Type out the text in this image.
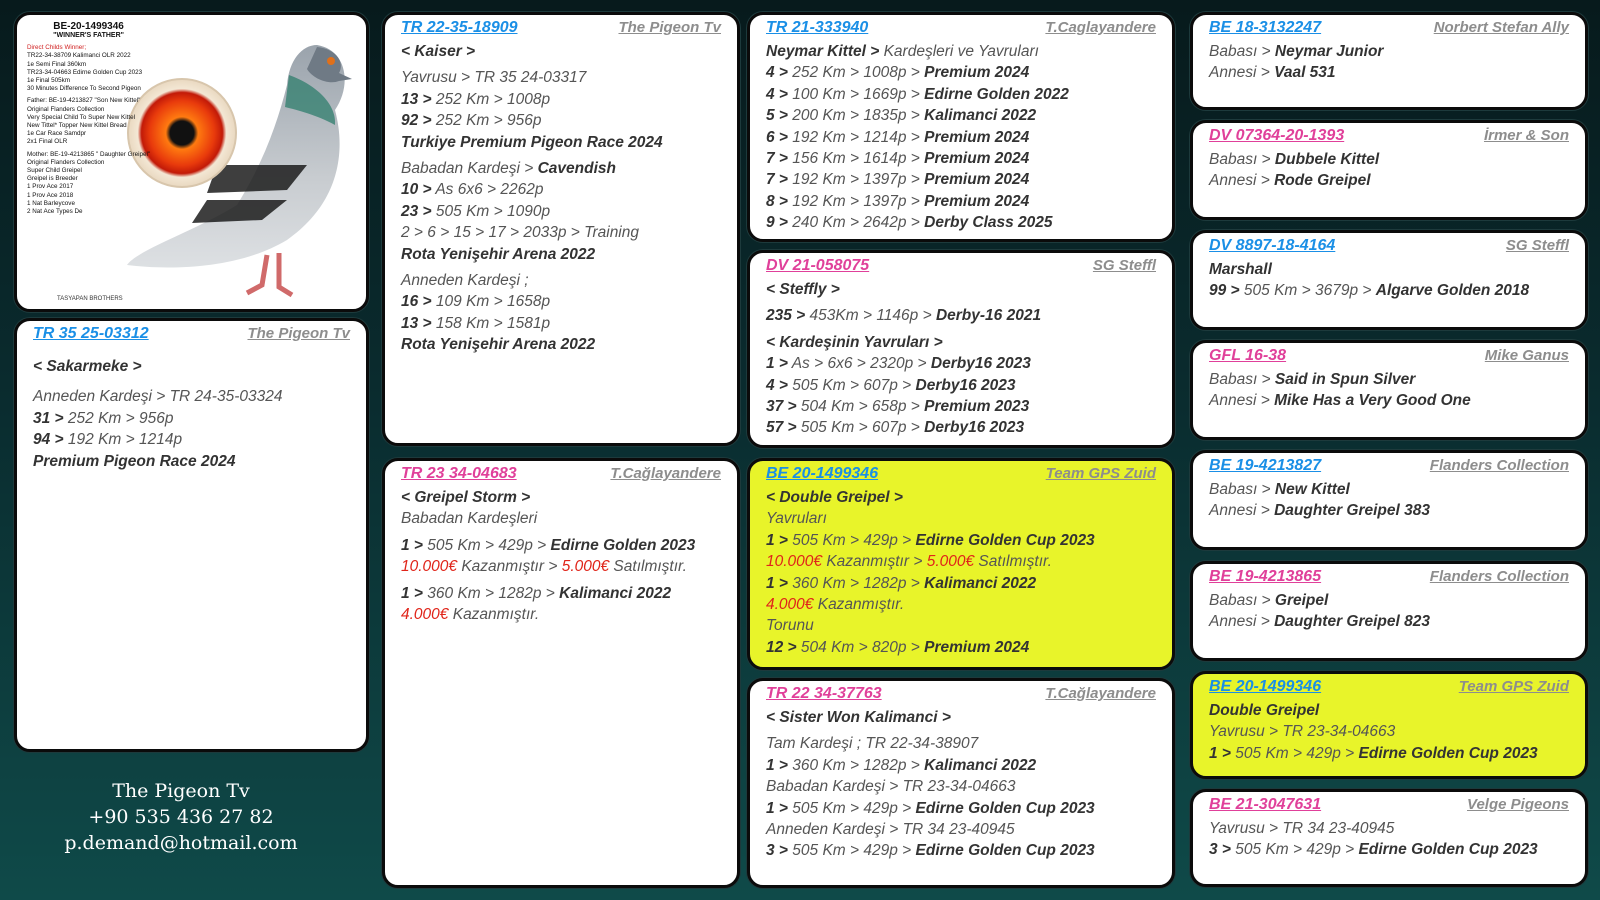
TASYAPAN BROTHERS
BE-20-1499346
"WINNER'S FATHER"
Direct Childs Winner;
TR22-34-38709 Kalimanci OLR 2022
1e Semi Final 360km
TR23-34-04663 Edirne Golden Cup 2023
1e Final 505km
30 Minutes Difference To Second Pigeon
Father: BE-19-4213827 "Son New Kittel"
Original Flanders Collection
Very Special Child To Super New Kittel
New Tittel* Topper New Kittel Bread
1e Car Race Samdpr
2x1 Final OLR
Mother: BE-19-4213865 " Daughter Greipel"
Original Flanders Collection
Super Child Greipel
Greipel is Breeder
1 Prov Ace 2017
1 Prov Ace 2018
1 Nat Barleycove
2 Nat Ace Types De
TR 35 25-03312	The Pigeon Tv
< Sakarmeke >
Anneden Kardeşi > TR 24-35-03324
31 > 252 Km > 956p
94 > 192 Km > 1214p
Premium Pigeon Race 2024
The Pigeon Tv
+90 535 436 27 82
p.demand@hotmail.com
TR 22-35-18909	The Pigeon Tv
< Kaiser >
Yavrusu > TR 35 24-03317
13 > 252 Km > 1008p
92 > 252 Km > 956p
Turkiye Premium Pigeon Race 2024
Babadan Kardeşi > Cavendish
10 > As 6x6 > 2262p
23 > 505 Km > 1090p
2 > 6 > 15 > 17 > 2033p > Training
Rota Yenişehir Arena 2022
Anneden Kardeşi ;
16 > 109 Km > 1658p
13 > 158 Km > 1581p
Rota Yenişehir Arena 2022
TR 23 34-04683	T.Cağlayandere
< Greipel Storm >
Babadan Kardeşleri
1 > 505 Km > 429p > Edirne Golden 2023
10.000€ Kazanmıştır > 5.000€ Satılmıştır.
1 > 360 Km > 1282p > Kalimanci 2022
4.000€ Kazanmıştır.
TR 21-333940	T.Caglayandere
Neymar Kittel > Kardeşleri ve Yavruları
4 > 252 Km > 1008p > Premium 2024
4 > 100 Km > 1669p > Edirne Golden 2022
5 > 200 Km > 1835p > Kalimanci 2022
6 > 192 Km > 1214p > Premium 2024
7 > 156 Km > 1614p > Premium 2024
7 > 192 Km > 1397p > Premium 2024
8 > 192 Km > 1397p > Premium 2024
9 > 240 Km > 2642p > Derby Class 2025
DV 21-058075	SG Steffl
< Steffly >
235 > 453Km > 1146p > Derby-16 2021
< Kardeşinin Yavruları >
1 > As > 6x6 > 2320p > Derby16 2023
4 > 505 Km > 607p > Derby16 2023
37 > 504 Km > 658p > Premium 2023
57 > 505 Km > 607p > Derby16 2023
BE 20-1499346	Team GPS Zuid
< Double Greipel >
Yavruları
1 > 505 Km > 429p > Edirne Golden Cup 2023
10.000€ Kazanmıştır > 5.000€ Satılmıştır.
1 > 360 Km > 1282p > Kalimanci 2022
4.000€ Kazanmıştır.
Torunu
12 > 504 Km > 820p > Premium 2024
TR 22 34-37763	T.Cağlayandere
< Sister Won Kalimanci >
Tam Kardeşi ; TR 22-34-38907
1 > 360 Km > 1282p > Kalimanci 2022
Babadan Kardeşi > TR 23-34-04663
1 > 505 Km > 429p > Edirne Golden Cup 2023
Anneden Kardeşi > TR 34 23-40945
3 > 505 Km > 429p > Edirne Golden Cup 2023
BE 18-3132247	Norbert Stefan Ally
Babası > Neymar Junior
Annesi > Vaal 531
DV 07364-20-1393	İrmer & Son
Babası > Dubbele Kittel
Annesi > Rode Greipel
DV 8897-18-4164	SG Steffl
Marshall
99 > 505 Km > 3679p > Algarve Golden 2018
GFL 16-38	Mike Ganus
Babası > Said in Spun Silver
Annesi > Mike Has a Very Good One
BE 19-4213827	Flanders Collection
Babası > New Kittel
Annesi > Daughter Greipel 383
BE 19-4213865	Flanders Collection
Babası > Greipel
Annesi > Daughter Greipel 823
BE 20-1499346	Team GPS Zuid
Double Greipel
Yavrusu > TR 23-34-04663
1 > 505 Km > 429p > Edirne Golden Cup 2023
BE 21-3047631	Velge Pigeons
Yavrusu > TR 34 23-40945
3 > 505 Km > 429p > Edirne Golden Cup 2023
